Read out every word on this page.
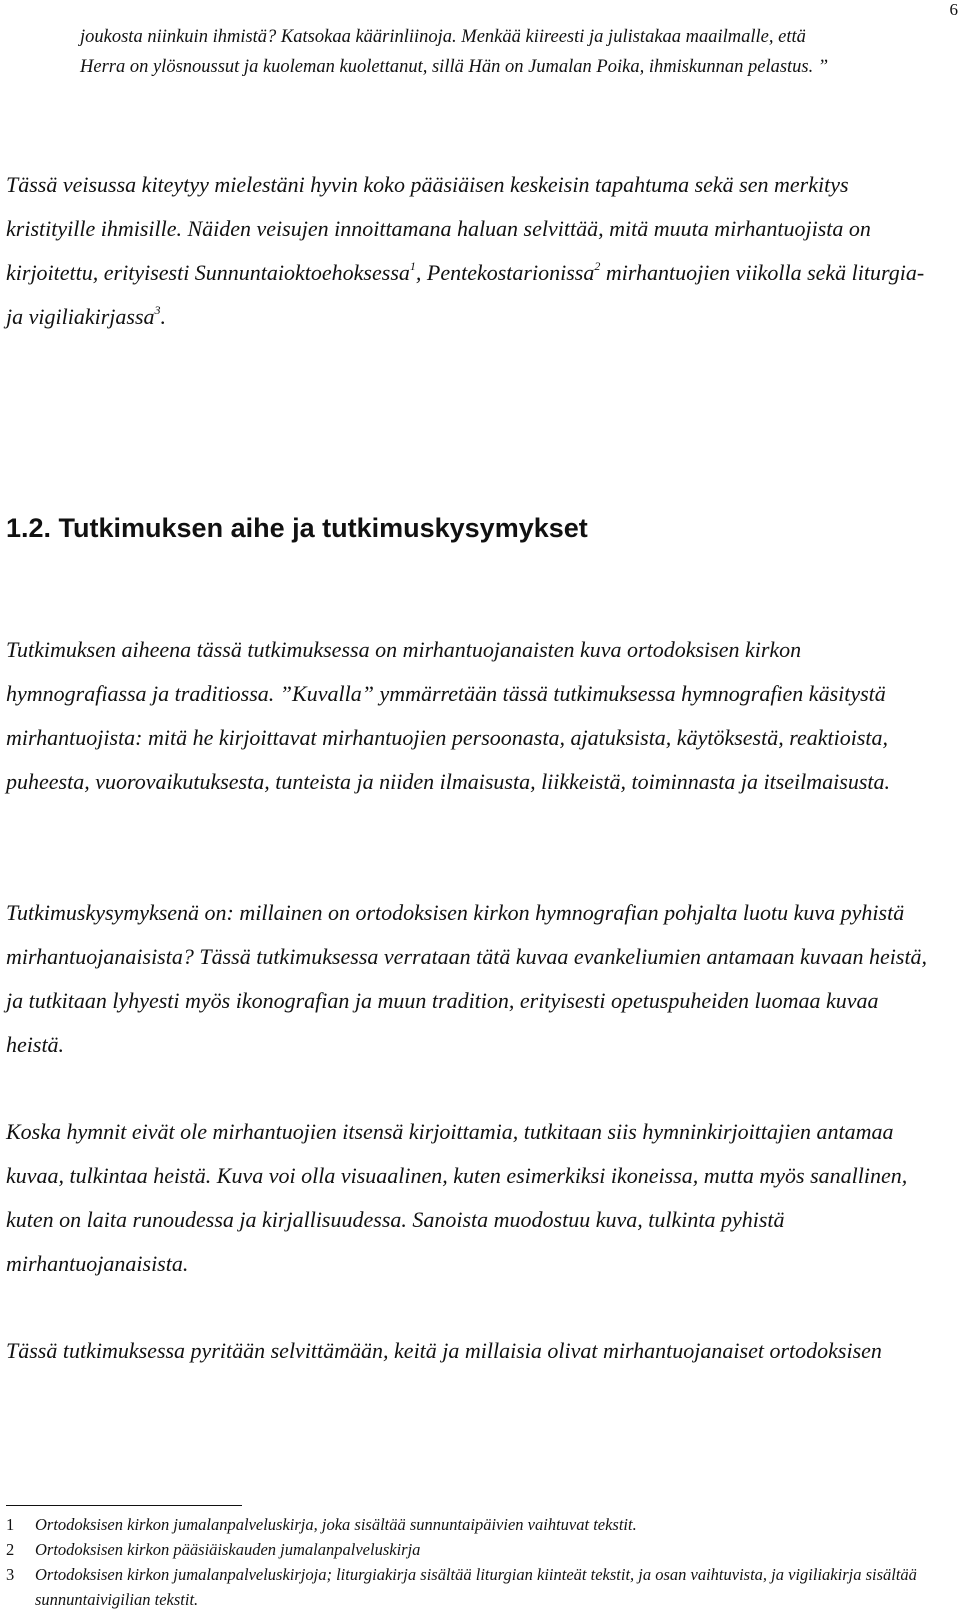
6

joukosta niinkuin ihmistä? Katsokaa käärinliinoja. Menkää kiireesti ja julistakaa maailmalle, että

Herra on ylösnoussut ja kuoleman kuolettanut, sillä Hän on Jumalan Poika, ihmiskunnan pelastus. ”

Tässä veisussa kiteytyy mielestäni hyvin koko pääsiäisen keskeisin tapahtuma sekä sen merkitys kristityille ihmisille. Näiden veisujen innoittamana haluan selvittää, mitä muuta mirhantuojista on kirjoitettu, erityisesti Sunnuntaioktoehoksessa$^1$, Pentekostarionissa$^2$ mirhantuojien viikolla sekä liturgia- ja vigiliakirjassa$^3$.

1.2. Tutkimuksen aihe ja tutkimuskysymykset

Tutkimuksen aiheena tässä tutkimuksessa on mirhantuojanaisten kuva ortodoksisen kirkon hymnografiassa ja traditiossa. ”Kuvalla” ymmärretään tässä tutkimuksessa hymnografien käsitystä mirhantuojista: mitä he kirjoittavat mirhantuojien persoonasta, ajatuksista, käytöksestä, reaktioista, puheesta, vuorovaikutuksesta, tunteista ja niiden ilmaisusta, liikkeistä, toiminnasta ja itseilmaisusta.

Tutkimuskysymyksenä on: millainen on ortodoksisen kirkon hymnografian pohjalta luotu kuva pyhistä mirhantuojanaisista? Tässä tutkimuksessa verrataan tätä kuvaa evankeliumien antamaan kuvaan heistä, ja tutkitaan lyhyesti myös ikonografian ja muun tradition, erityisesti opetuspuheiden luomaa kuvaa heistä.

Koska hymnit eivät ole mirhantuojien itsensä kirjoittamia, tutkitaan siis hymninkirjoittajien antamaa kuvaa, tulkintaa heistä. Kuva voi olla visuaalinen, kuten esimerkiksi ikoneissa, mutta myös sanallinen, kuten on laita runoudessa ja kirjallisuudessa. Sanoista muodostuu kuva, tulkinta pyhistä mirhantuojanaisista.

Tässä tutkimuksessa pyritään selvittämään, keitä ja millaisia olivat mirhantuojanaiset ortodoksisen

1	Ortodoksisen kirkon jumalanpalveluskirja, joka sisältää sunnuntaipäivien vaihtuvat tekstit.
2	Ortodoksisen kirkon pääsiäiskauden jumalanpalveluskirja
3	Ortodoksisen kirkon jumalanpalveluskirjoja; liturgiakirja sisältää liturgian kiinteät tekstit, ja osan vaihtuvista, ja vigiliakirja sisältää sunnuntaivigilian tekstit.
